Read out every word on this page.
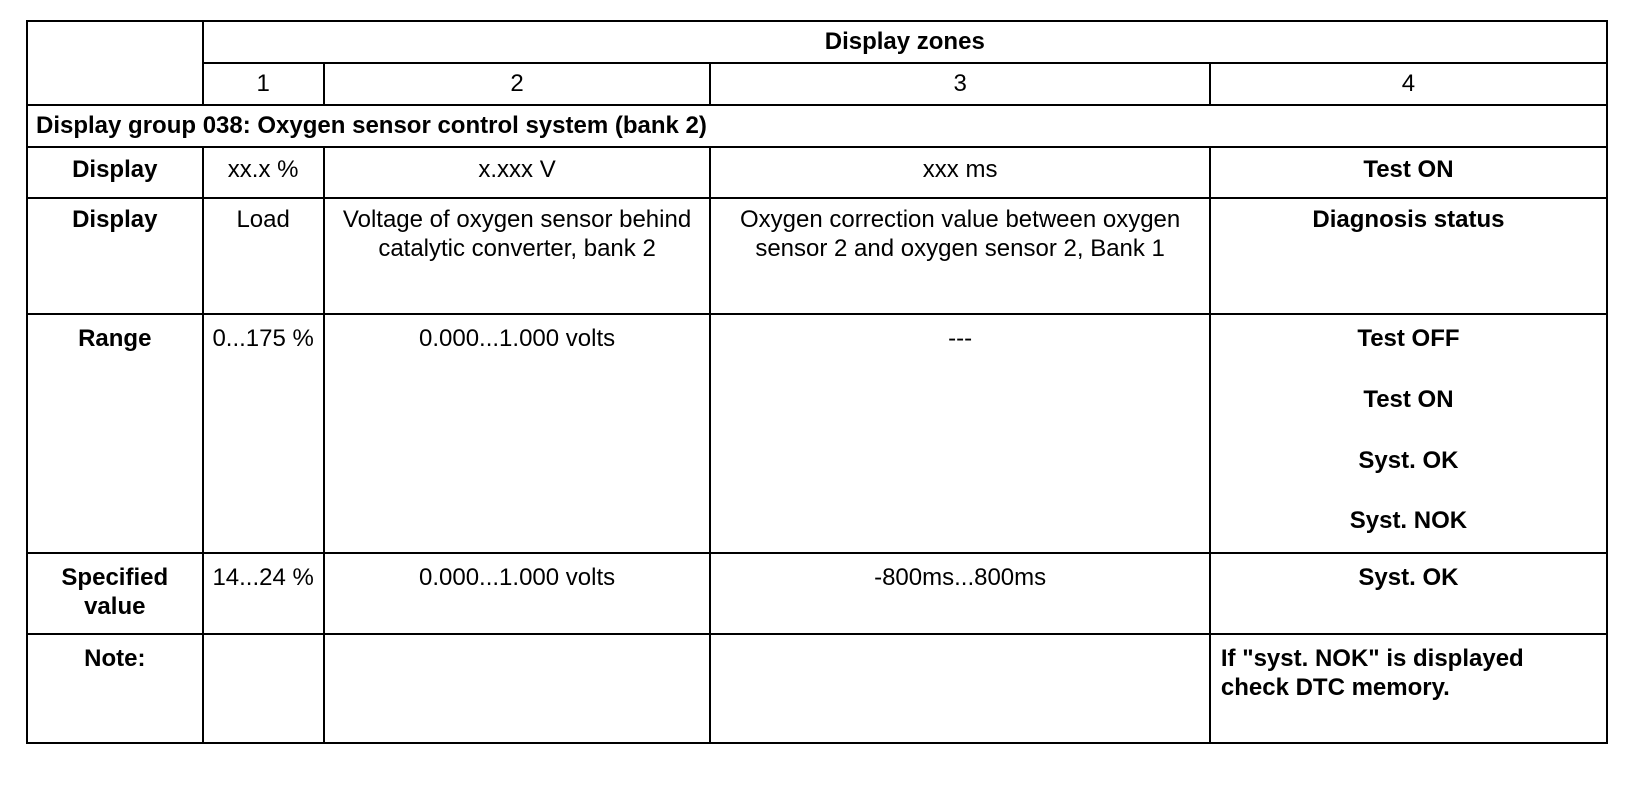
	Display zones			
	1	2	3	4
Display group 038: Oxygen sensor control system (bank 2)				
Display	xx.x %	x.xxx V	xxx ms	Test ON
Display	Load	Voltage of oxygen sensor behind catalytic converter, bank 2	Oxygen correction value between oxygen sensor 2 and oxygen sensor 2, Bank 1	Diagnosis status
Range	0...175 %	0.000...1.000 volts	---	Test OFF
Test ON
Syst. OK
Syst. NOK

Specified value	14...24 %	0.000...1.000 volts	-800ms...800ms	Syst. OK
Note:				If "syst. NOK" is displayed check DTC memory.
